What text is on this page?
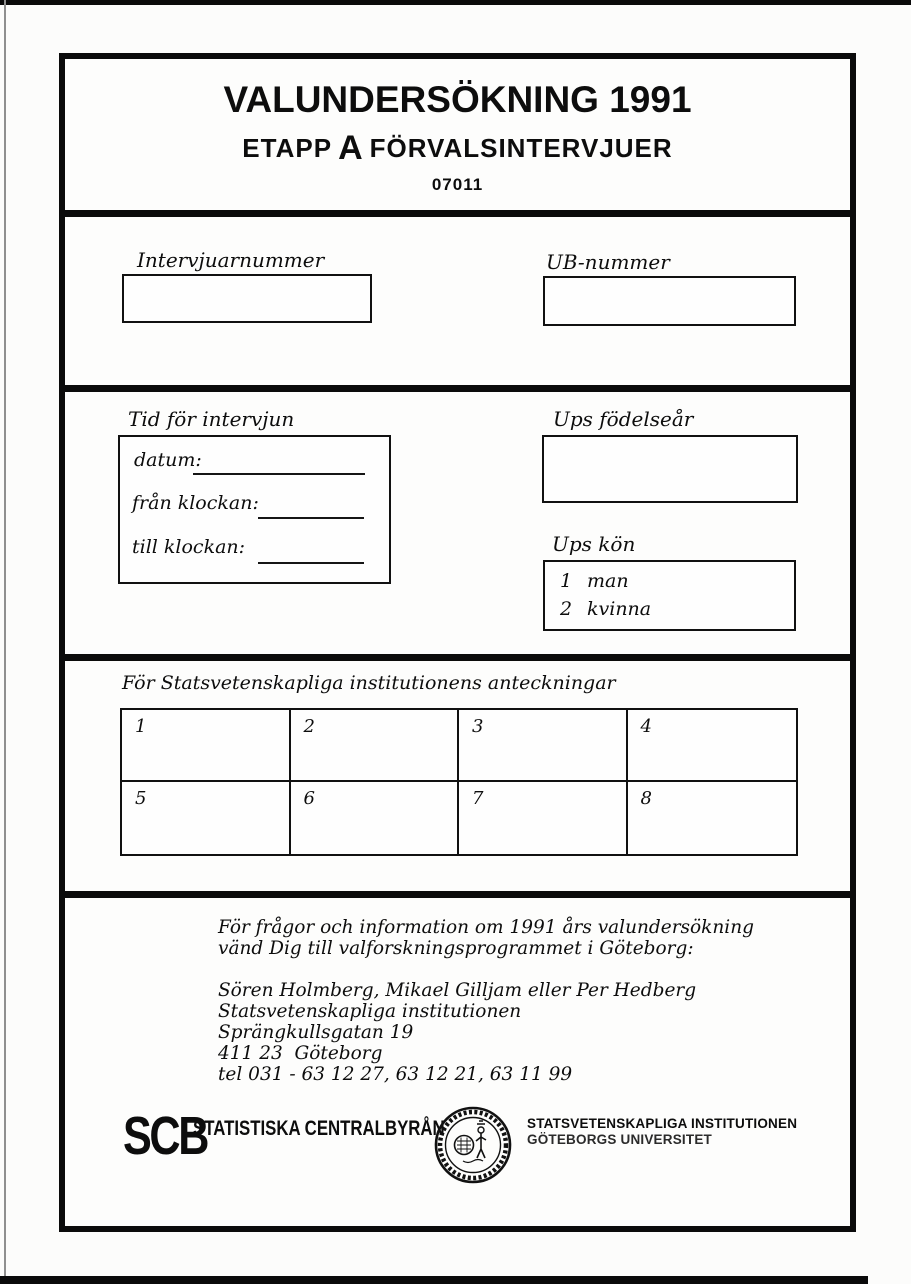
VALUNDERSÖKNING 1991
ETAPP A FÖRVALSINTERVJUER
07011
Intervjuarnummer	UB-nummer
Tid för intervjun
datum:
från klockan:
till klockan:
Ups födelseår
Ups kön
1 man
2 kvinna
För Statsvetenskapliga institutionens anteckningar
1	2	3	4
5	6	7	8
För frågor och information om 1991 års valundersökning
vänd Dig till valforskningsprogrammet i Göteborg:
Sören Holmberg, Mikael Gilljam eller Per Hedberg
Statsvetenskapliga institutionen
Sprängkullsgatan 19
411 23  Göteborg
tel 031 - 63 12 27, 63 12 21, 63 11 99
SCB
STATISTISKA CENTRALBYRÅN	STATSVETENSKAPLIGA INSTITUTIONEN
GÖTEBORGS UNIVERSITET
